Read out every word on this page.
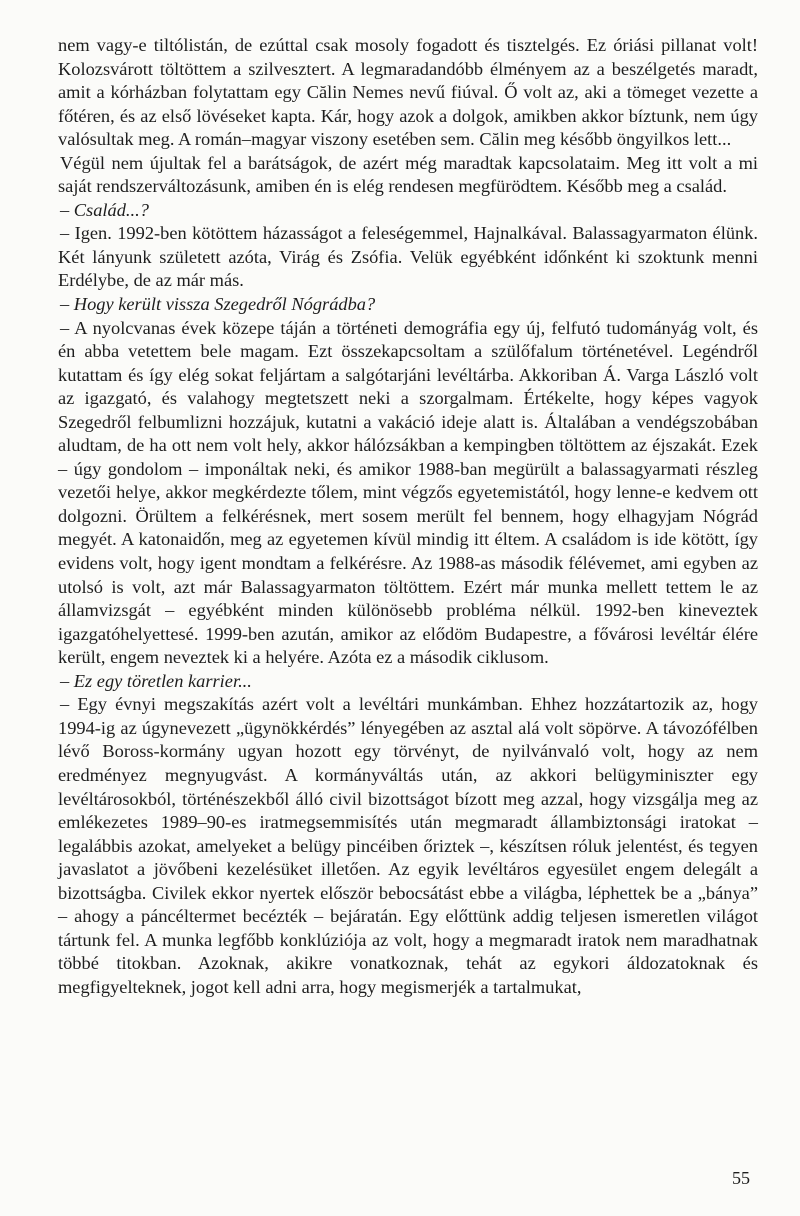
nem vagy-e tiltólistán, de ezúttal csak mosoly fogadott és tisztelgés. Ez óriási pillanat volt! Kolozsvárott töltöttem a szilvesztert. A legmaradandóbb élményem az a beszélgetés maradt, amit a kórházban folytattam egy Călin Nemes nevű fiúval. Ő volt az, aki a tömeget vezette a főtéren, és az első lövéseket kapta. Kár, hogy azok a dolgok, amikben akkor bíztunk, nem úgy valósultak meg. A román–magyar viszony esetében sem. Călin meg később öngyilkos lett...

Végül nem újultak fel a barátságok, de azért még maradtak kapcsolataim. Meg itt volt a mi saját rendszerváltozásunk, amiben én is elég rendesen megfürödtem. Később meg a család.

– Család...?

– Igen. 1992-ben kötöttem házasságot a feleségemmel, Hajnalkával. Balassagyarmaton élünk. Két lányunk született azóta, Virág és Zsófia. Velük egyébként időnként ki szoktunk menni Erdélybe, de az már más.

– Hogy került vissza Szegedről Nógrádba?

– A nyolcvanas évek közepe táján a történeti demográfia egy új, felfutó tudományág volt, és én abba vetettem bele magam. Ezt összekapcsoltam a szülőfalum történetével. Legéndről kutattam és így elég sokat feljártam a salgótarjáni levéltárba. Akkoriban Á. Varga László volt az igazgató, és valahogy megtetszett neki a szorgalmam. Értékelte, hogy képes vagyok Szegedről felbumlizni hozzájuk, kutatni a vakáció ideje alatt is. Általában a vendégszobában aludtam, de ha ott nem volt hely, akkor hálózsákban a kempingben töltöttem az éjszakát. Ezek – úgy gondolom – imponáltak neki, és amikor 1988-ban megürült a balassagyarmati részleg vezetői helye, akkor megkérdezte tőlem, mint végzős egyetemistától, hogy lenne-e kedvem ott dolgozni. Örültem a felkérésnek, mert sosem merült fel bennem, hogy elhagyjam Nógrád megyét. A katonaidőn, meg az egyetemen kívül mindig itt éltem. A családom is ide kötött, így evidens volt, hogy igent mondtam a felkérésre. Az 1988-as második félévemet, ami egyben az utolsó is volt, azt már Balassagyarmaton töltöttem. Ezért már munka mellett tettem le az államvizsgát – egyébként minden különösebb probléma nélkül. 1992-ben kineveztek igazgatóhelyettesé. 1999-ben azután, amikor az elődöm Budapestre, a fővárosi levéltár élére került, engem neveztek ki a helyére. Azóta ez a második ciklusom.

– Ez egy töretlen karrier...

– Egy évnyi megszakítás azért volt a levéltári munkámban. Ehhez hozzátartozik az, hogy 1994-ig az úgynevezett „ügynökkérdés” lényegében az asztal alá volt söpörve. A távozófélben lévő Boross-kormány ugyan hozott egy törvényt, de nyilvánvaló volt, hogy az nem eredményez megnyugvást. A kormányváltás után, az akkori belügyminiszter egy levéltárosokból, történészekből álló civil bizottságot bízott meg azzal, hogy vizsgálja meg az emlékezetes 1989–90-es iratmegsemmisítés után megmaradt állambiztonsági iratokat – legalábbis azokat, amelyeket a belügy pincéiben őriztek –, készítsen róluk jelentést, és tegyen javaslatot a jövőbeni kezelésüket illetően. Az egyik levéltáros egyesület engem delegált a bizottságba. Civilek ekkor nyertek először bebocsátást ebbe a világba, léphettek be a „bánya” – ahogy a páncéltermet becézték – bejáratán. Egy előttünk addig teljesen ismeretlen világot tártunk fel. A munka legfőbb konklúziója az volt, hogy a megmaradt iratok nem maradhatnak többé titokban. Azoknak, akikre vonatkoznak, tehát az egykori áldozatoknak és megfigyelteknek, jogot kell adni arra, hogy megismerjék a tartalmukat,

55
